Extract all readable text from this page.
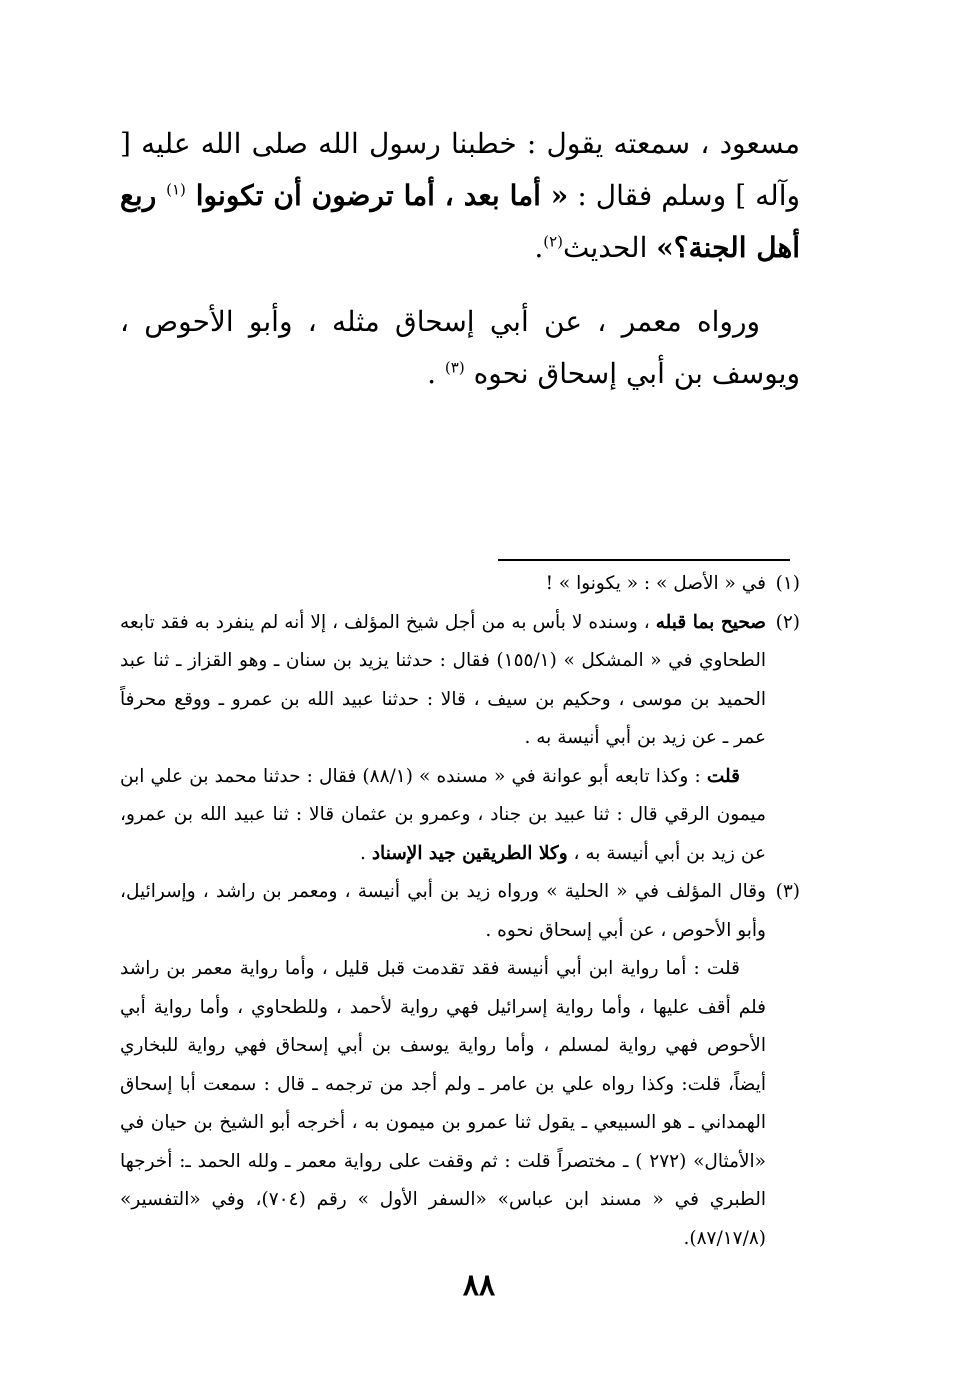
مسعود ، سمعته يقول : خطبنا رسول الله صلى الله عليه [ وآله ] وسلم فقال : « أما بعد ، أما ترضون أن تكونوا $^{(١)}$ ربع أهل الجنة؟» الحديث$^{(٢)}$.

ورواه معمر ، عن أبي إسحاق مثله ، وأبو الأحوص ، ويوسف بن أبي إسحاق نحوه $^{(٣)}$ .

(١)
في « الأصل » : « يكونوا » !

(٢)
صحيح بما قبله ، وسنده لا بأس به من أجل شيخ المؤلف ، إلا أنه لم ينفرد به فقد تابعه الطحاوي في « المشكل » (١٥٥/١) فقال : حدثنا يزيد بن سنان ـ وهو القزاز ـ ثنا عبد الحميد بن موسى ، وحكيم بن سيف ، قالا : حدثنا عبيد الله بن عمرو ـ ووقع محرفاً عمر ـ عن زيد بن أبي أنيسة به .

قلت : وكذا تابعه أبو عوانة في « مسنده » (٨٨/١) فقال : حدثنا محمد بن علي ابن ميمون الرقي قال : ثنا عبيد بن جناد ، وعمرو بن عثمان قالا : ثنا عبيد الله بن عمرو، عن زيد بن أبي أنيسة به ، وكلا الطريقين جيد الإسناد .

(٣)
وقال المؤلف في « الحلية » ورواه زيد بن أبي أنيسة ، ومعمر بن راشد ، وإسرائيل، وأبو الأحوص ، عن أبي إسحاق نحوه .

قلت : أما رواية ابن أبي أنيسة فقد تقدمت قبل قليل ، وأما رواية معمر بن راشد فلم أقف عليها ، وأما رواية إسرائيل فهي رواية لأحمد ، وللطحاوي ، وأما رواية أبي الأحوص فهي رواية لمسلم ، وأما رواية يوسف بن أبي إسحاق فهي رواية للبخاري أيضاً، قلت: وكذا رواه علي بن عامر ـ ولم أجد من ترجمه ـ قال : سمعت أبا إسحاق الهمداني ـ هو السبيعي ـ يقول ثنا عمرو بن ميمون به ، أخرجه أبو الشيخ بن حيان في «الأمثال» (٢٧٢ ) ـ مختصراً قلت : ثم وقفت على رواية معمر ـ ولله الحمد ـ: أخرجها الطبري في « مسند ابن عباس» «السفر الأول » رقم (٧٠٤)، وفي «التفسير» (٨٧/١٧/٨).

٨٨
